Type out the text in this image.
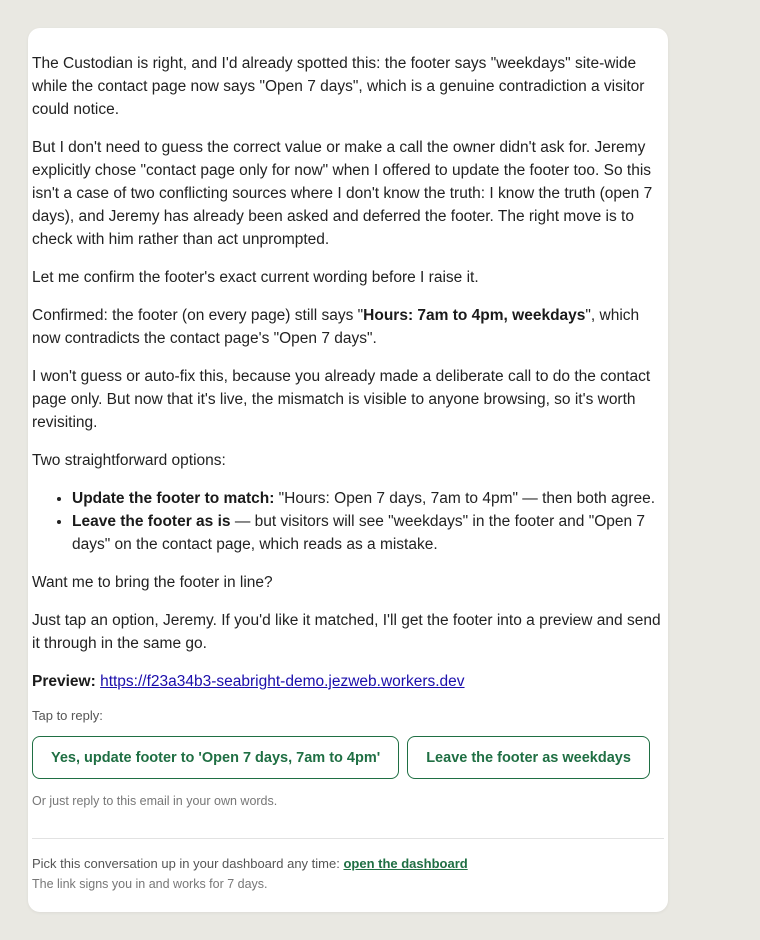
The Custodian is right, and I'd already spotted this: the footer says "weekdays" site-wide while the contact page now says "Open 7 days", which is a genuine contradiction a visitor could notice.

But I don't need to guess the correct value or make a call the owner didn't ask for. Jeremy explicitly chose "contact page only for now" when I offered to update the footer too. So this isn't a case of two conflicting sources where I don't know the truth: I know the truth (open 7 days), and Jeremy has already been asked and deferred the footer. The right move is to check with him rather than act unprompted.

Let me confirm the footer's exact current wording before I raise it.

Confirmed: the footer (on every page) still says "Hours: 7am to 4pm, weekdays", which now contradicts the contact page's "Open 7 days".

I won't guess or auto-fix this, because you already made a deliberate call to do the contact page only. But now that it's live, the mismatch is visible to anyone browsing, so it's worth revisiting.

Two straightforward options:

• Update the footer to match: "Hours: Open 7 days, 7am to 4pm" — then both agree.
• Leave the footer as is — but visitors will see "weekdays" in the footer and "Open 7 days" on the contact page, which reads as a mistake.

Want me to bring the footer in line?

Just tap an option, Jeremy. If you'd like it matched, I'll get the footer into a preview and send it through in the same go.

Preview: https://f23a34b3-seabright-demo.jezweb.workers.dev

Tap to reply:
Yes, update footer to 'Open 7 days, 7am to 4pm'	Leave the footer as weekdays
Or just reply to this email in your own words.
Pick this conversation up in your dashboard any time: open the dashboard
The link signs you in and works for 7 days.
